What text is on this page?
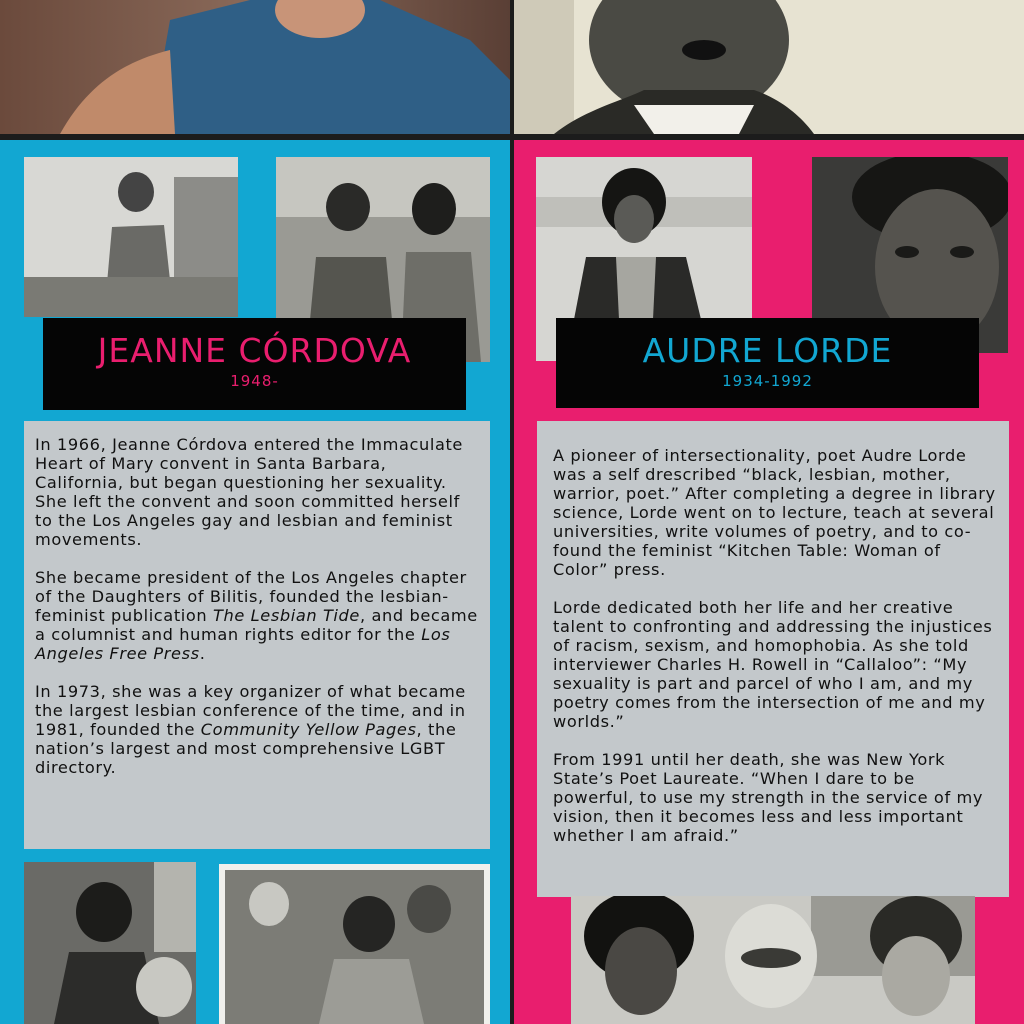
JEANNE CÓRDOVA
1948-

In 1966, Jeanne Córdova entered the Immaculate Heart of Mary convent in Santa Barbara, California, but began questioning her sexuality. She left the convent and soon committed herself to the Los Angeles gay and lesbian and feminist movements.

She became president of the Los Angeles chapter of the Daughters of Bilitis, founded the lesbian-feminist publication The Lesbian Tide, and became a columnist and human rights editor for the Los Angeles Free Press.

In 1973, she was a key organizer of what became the largest lesbian conference of the time, and in 1981, founded the Community Yellow Pages, the nation’s largest and most comprehensive LGBT directory.

AUDRE LORDE
1934-1992

A pioneer of intersectionality, poet Audre Lorde was a self drescribed “black, lesbian, mother, warrior, poet.” After completing a degree in library science, Lorde went on to lecture, teach at several universities, write volumes of poetry, and to co-found the feminist “Kitchen Table: Woman of Color” press.

Lorde dedicated both her life and her creative talent to confronting and addressing the injustices of racism, sexism, and homophobia. As she told interviewer Charles H. Rowell in “Callaloo”: “My sexuality is part and parcel of who I am, and my poetry comes from the intersection of me and my worlds.”

From 1991 until her death, she was New York State’s Poet Laureate. “When I dare to be powerful, to use my strength in the service of my vision, then it becomes less and less important whether I am afraid.”
